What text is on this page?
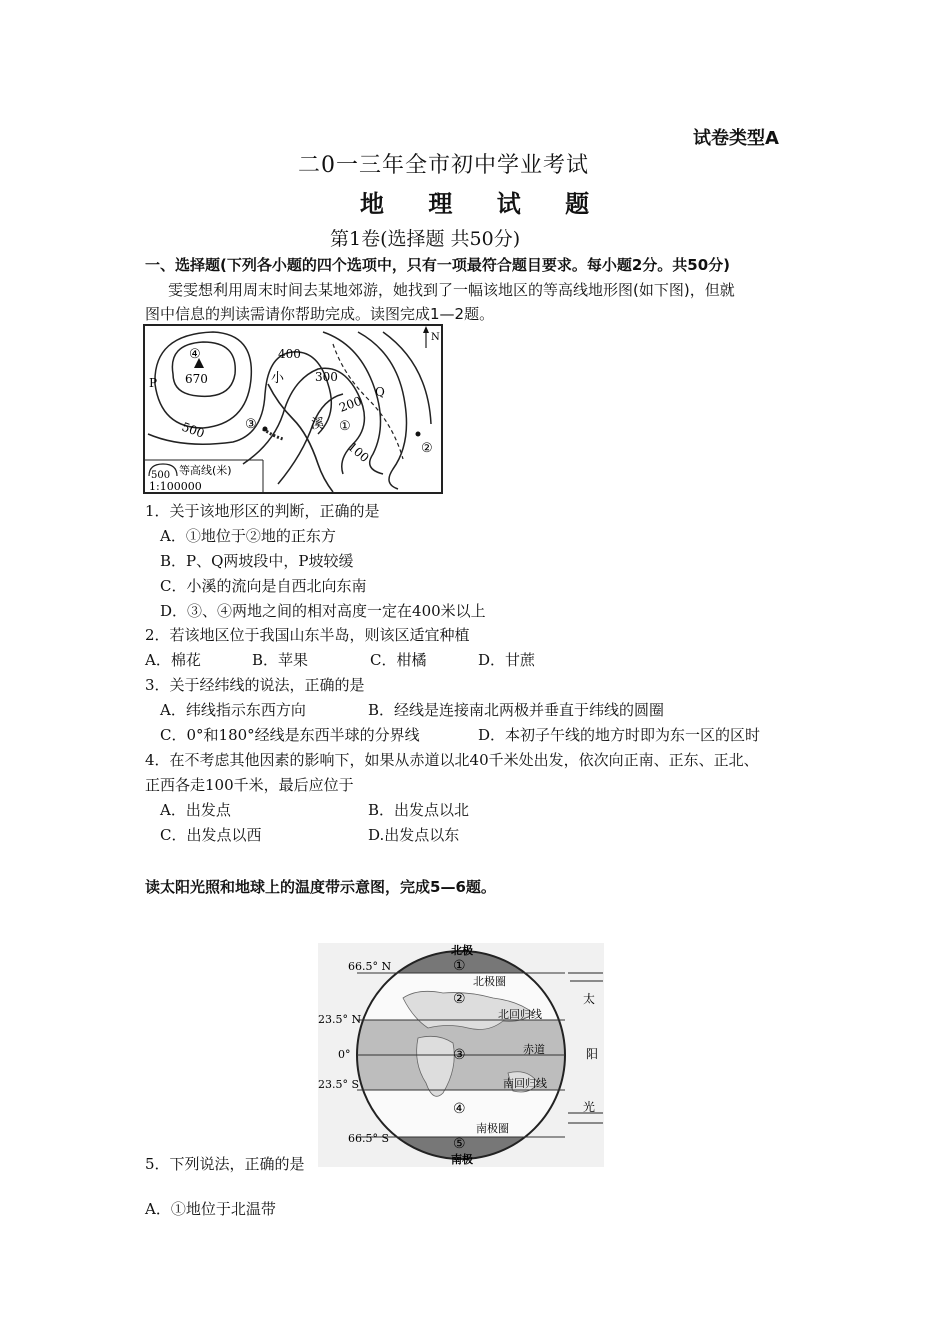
试卷类型A
二0一三年全市初中学业考试
地 理 试 题
第1卷(选择题 共50分)
一、选择题(下列各小题的四个选项中，只有一项最符合题目要求。每小题2分。共50分)
雯雯想利用周末时间去某地郊游，她找到了一幅该地区的等高线地形图(如下图)，但就
图中信息的判读需请你帮助完成。读图完成1—2题。
④
670
P
Q
500
400
300
200
100
小
溪 ①
②
③
N
500 等高线(米)
1:100000
1．关于该地形区的判断，正确的是
A．①地位于②地的正东方
B．P、Q两坡段中，P坡较缓
C．小溪的流向是自西北向东南
D．③、④两地之间的相对高度一定在400米以上
2．若该地区位于我国山东半岛，则该区适宜种植
A．棉花	B．苹果	C．柑橘	D．甘蔗
3．关于经纬线的说法，正确的是
A．纬线指示东西方向	B．经线是连接南北两极并垂直于纬线的圆圈
C．0°和180°经线是东西半球的分界线	D．本初子午线的地方时即为东一区的区时
4．在不考虑其他因素的影响下，如果从赤道以北40千米处出发，依次向正南、正东、正北、
正西各走100千米，最后应位于
A．出发点	B．出发点以北
C．出发点以西	D.出发点以东
读太阳光照和地球上的温度带示意图，完成5—6题。
北极
南极
66.5° N
23.5° N
0°
23.5° S
66.5° S
北极圈
北回归线
赤道
南回归线
南极圈
①
②
③
④
⑤
太
阳
光
5．下列说法，正确的是
A．①地位于北温带
